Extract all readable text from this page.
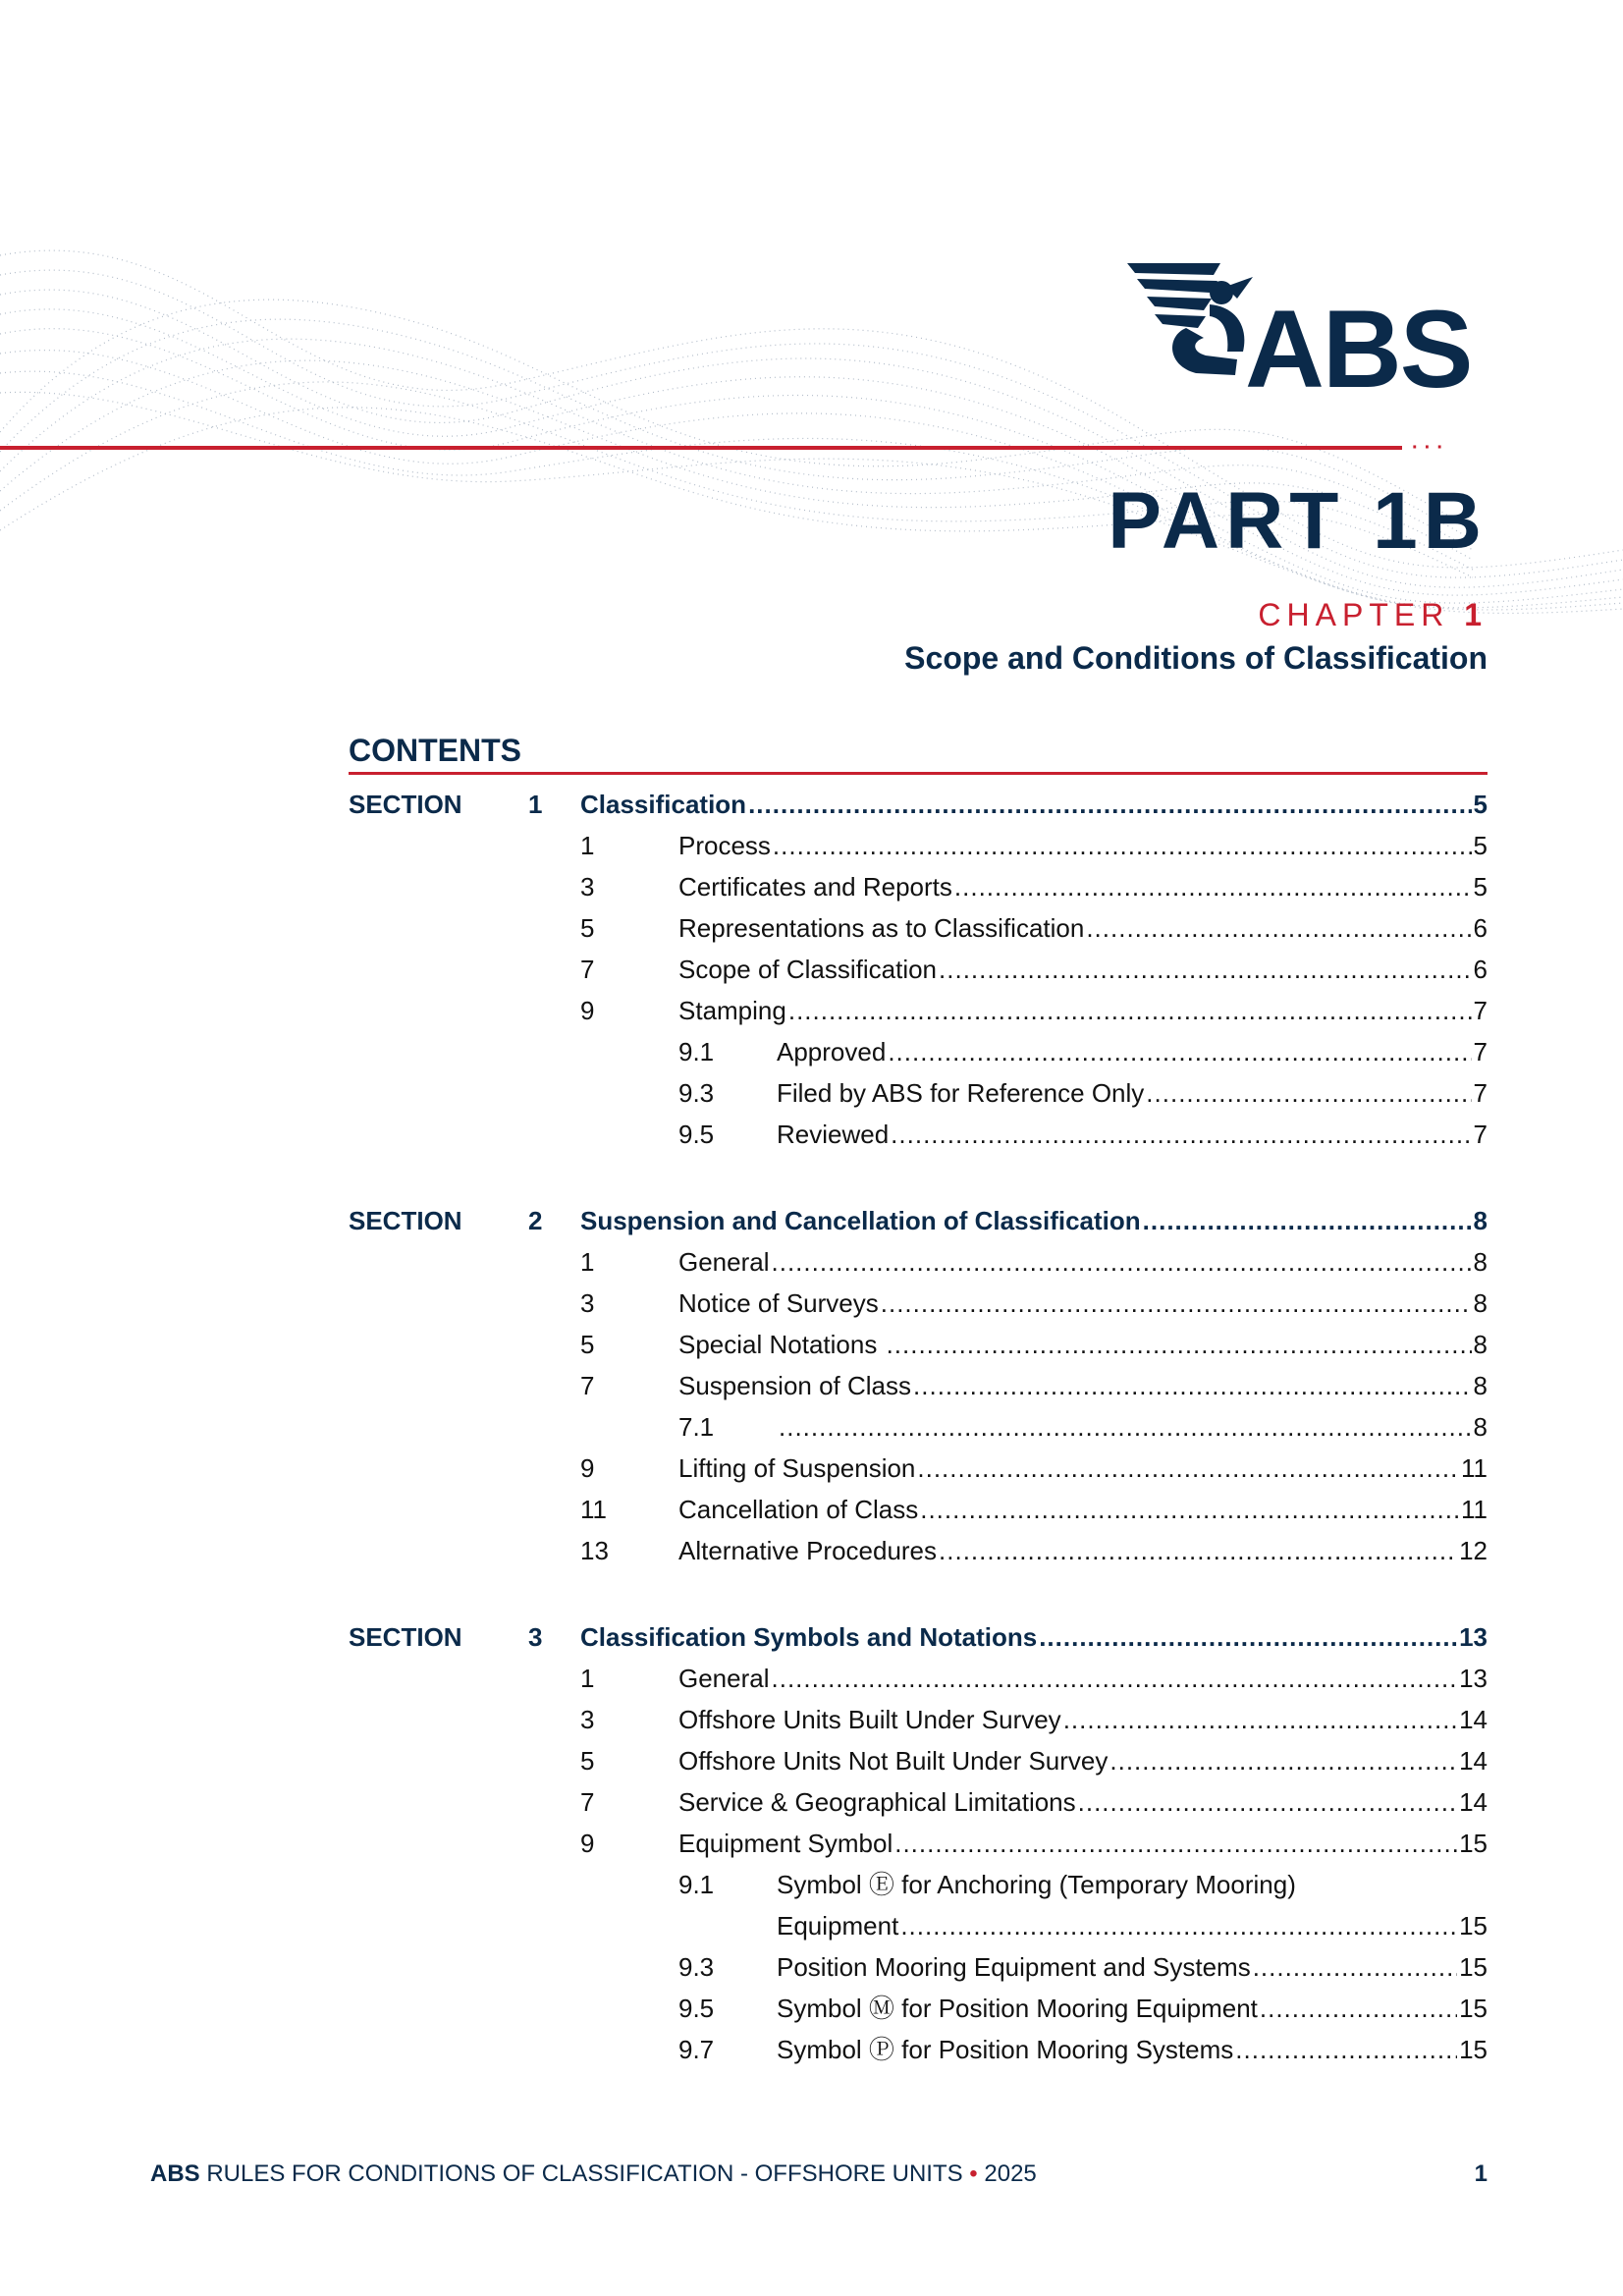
ABS
···
PART 1B
CHAPTER 1
Scope and Conditions of Classification
CONTENTS
SECTION	1 Classification .....	5
1	Process .....	5
3	Certificates and Reports .....	5
5	Representations as to Classification .....	6
7	Scope of Classification .....	6
9	Stamping .....	7
9.1 Approved .....	7
9.3 Filed by ABS for Reference Only .....	7
9.5 Reviewed .....	7
SECTION	2 Suspension and Cancellation of Classification .....	8
1	General .....	8
3	Notice of Surveys .....	8
5	Special Notations .....	8
7	Suspension of Class .....	8
7.1 .....	8
9	Lifting of Suspension .....	11
11	Cancellation of Class .....	11
13	Alternative Procedures .....	12
SECTION	3 Classification Symbols and Notations .....	13
1	General .....	13
3	Offshore Units Built Under Survey .....	14
5	Offshore Units Not Built Under Survey .....	14
7	Service & Geographical Limitations .....	14
9	Equipment Symbol .....	15
9.1 Symbol Ⓔ for Anchoring (Temporary Mooring)
Equipment .....	15
9.3 Position Mooring Equipment and Systems .....	15
9.5 Symbol Ⓜ for Position Mooring Equipment .....	15
9.7 Symbol Ⓟ for Position Mooring Systems .....	15
ABS RULES FOR CONDITIONS OF CLASSIFICATION - OFFSHORE UNITS • 2025	1
